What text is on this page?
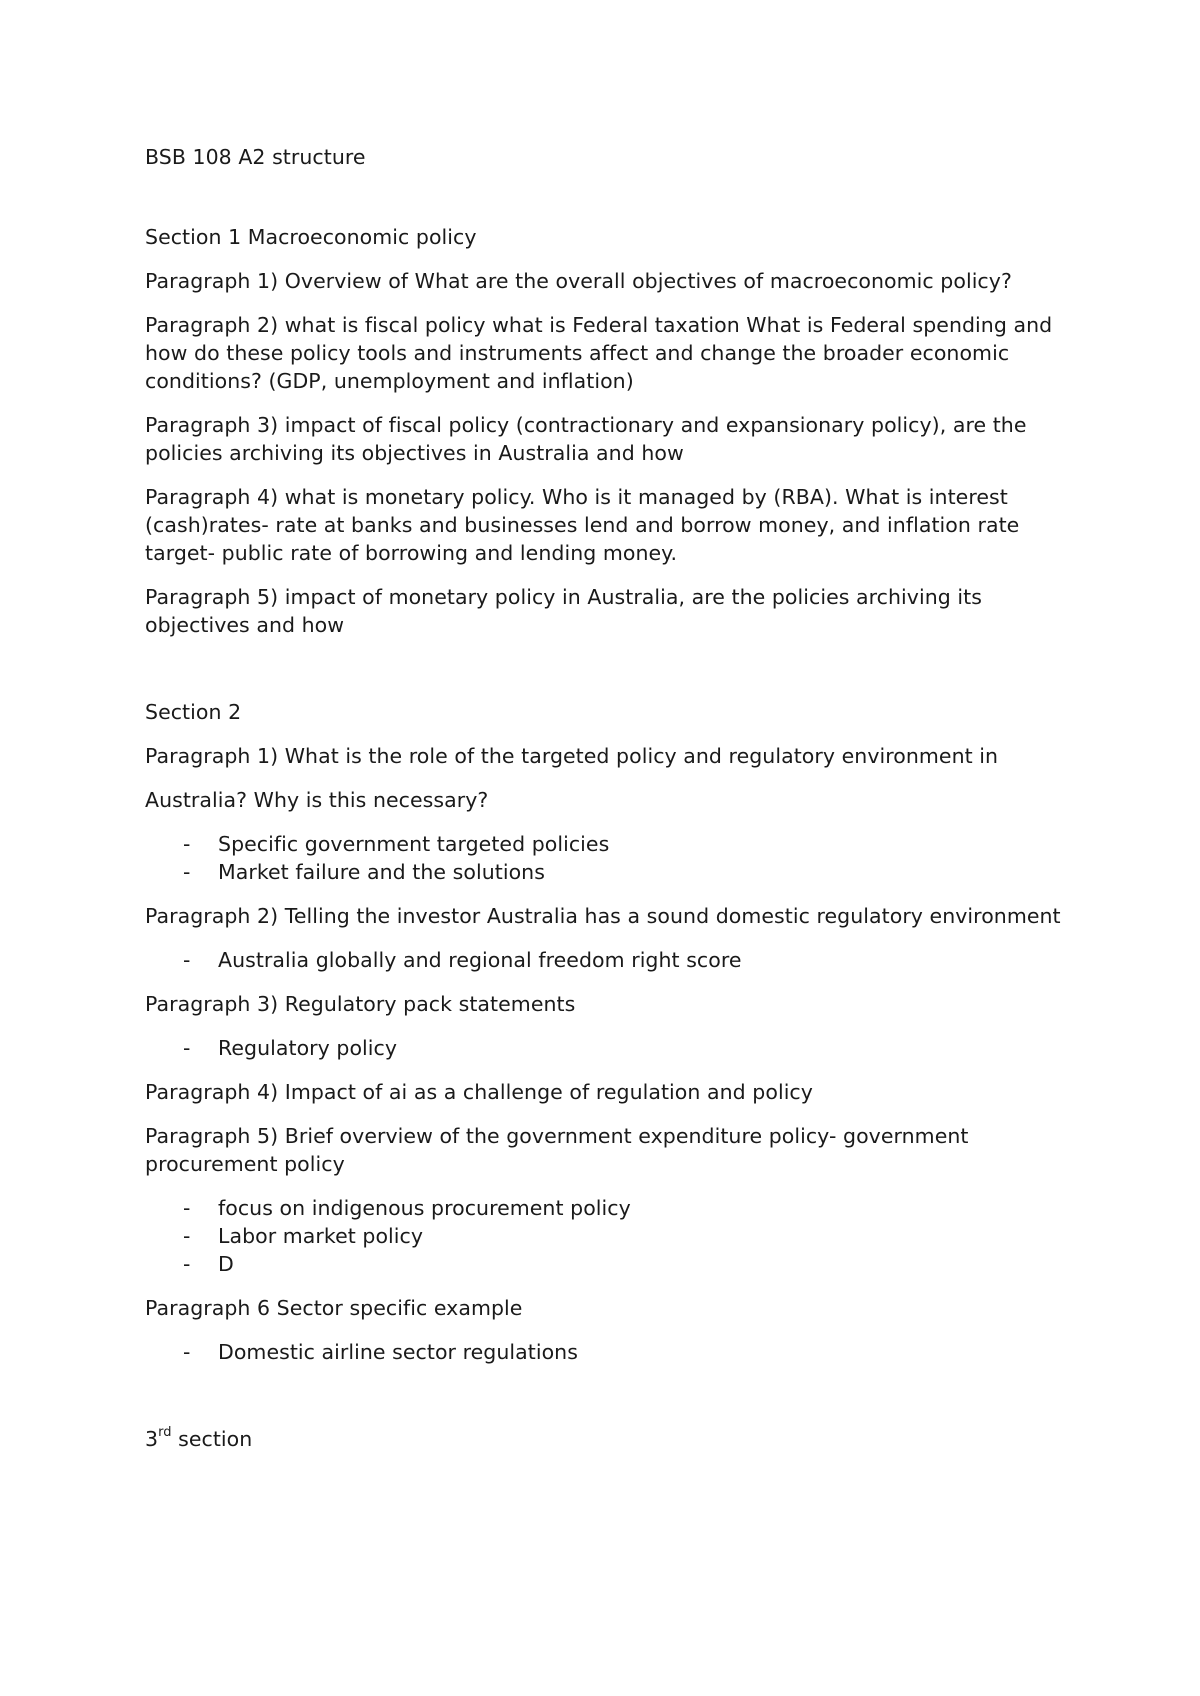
BSB 108 A2 structure
Section 1 Macroeconomic policy
Paragraph 1) Overview of What are the overall objectives of macroeconomic policy?
Paragraph 2) what is fiscal policy what is Federal taxation What is Federal spending and how do these policy tools and instruments affect and change the broader economic conditions? (GDP, unemployment and inflation)
Paragraph 3) impact of fiscal policy (contractionary and expansionary policy), are the policies archiving its objectives in Australia and how
Paragraph 4) what is monetary policy. Who is it managed by (RBA). What is interest (cash)rates- rate at banks and businesses lend and borrow money, and inflation rate target- public rate of borrowing and lending money.
Paragraph 5) impact of monetary policy in Australia, are the policies archiving its objectives and how
Section 2
Paragraph 1) What is the role of the targeted policy and regulatory environment in
Australia? Why is this necessary?
- Specific government targeted policies
- Market failure and the solutions
Paragraph 2) Telling the investor Australia has a sound domestic regulatory environment
- Australia globally and regional freedom right score
Paragraph 3) Regulatory pack statements
- Regulatory policy
Paragraph 4) Impact of ai as a challenge of regulation and policy
Paragraph 5) Brief overview of the government expenditure policy- government procurement policy
- focus on indigenous procurement policy
- Labor market policy
- D
Paragraph 6 Sector specific example
- Domestic airline sector regulations
3rd section
